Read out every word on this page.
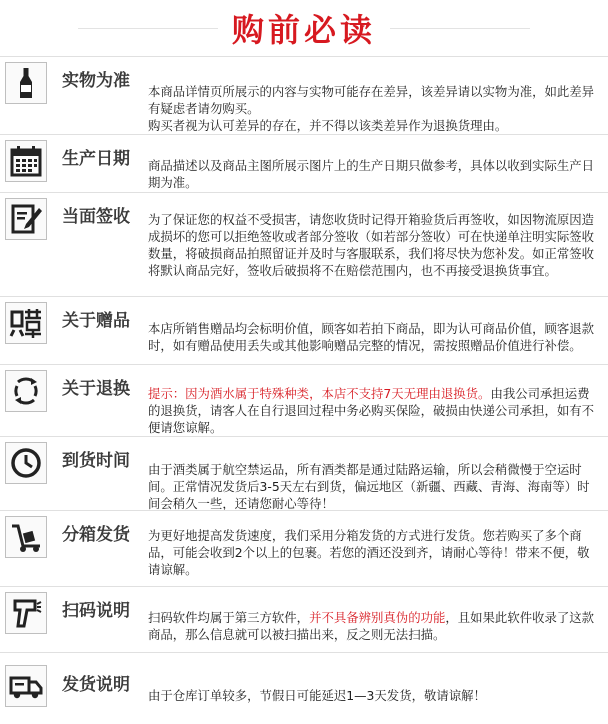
购前必读
实物为准
本商品详情页所展示的内容与实物可能存在差异，该差异请以实物为准，如此差异有疑虑者请勿购买。
购买者视为认可差异的存在，并不得以该类差异作为退换货理由。
生产日期 商品描述以及商品主图所展示图片上的生产日期只做参考，具体以收到实际生产日期为准。
当面签收 为了保证您的权益不受损害，请您收货时记得开箱验货后再签收，如因物流原因造成损坏的您可以拒绝签收或者部分签收（如若部分签收）可在快递单注明实际签收数量，将破损商品拍照留证并及时与客服联系，我们将尽快为您补发。如正常签收将默认商品完好，签收后破损将不在赔偿范围内，也不再接受退换货事宜。
关于赠品 本店所销售赠品均会标明价值，顾客如若拍下商品，即为认可商品价值，顾客退款时，如有赠品使用丢失或其他影响赠品完整的情况，需按照赠品价值进行补偿。
关于退换 提示：因为酒水属于特殊种类，本店不支持7天无理由退换货。由我公司承担运费的退换货，请客人在自行退回过程中务必购买保险，破损由快递公司承担，如有不便请您谅解。
到货时间 由于酒类属于航空禁运品，所有酒类都是通过陆路运输，所以会稍微慢于空运时间。正常情况发货后3-5天左右到货，偏远地区（新疆、西藏、青海、海南等）时间会稍久一些，还请您耐心等待！
分箱发货 为更好地提高发货速度，我们采用分箱发货的方式进行发货。您若购买了多个商品，可能会收到2个以上的包裹。若您的酒还没到齐，请耐心等待！带来不便，敬请谅解。
扫码说明 扫码软件均属于第三方软件，并不具备辨别真伪的功能，且如果此软件收录了这款商品，那么信息就可以被扫描出来，反之则无法扫描。
发货说明
由于仓库订单较多，节假日可能延迟1—3天发货，敬请谅解！
